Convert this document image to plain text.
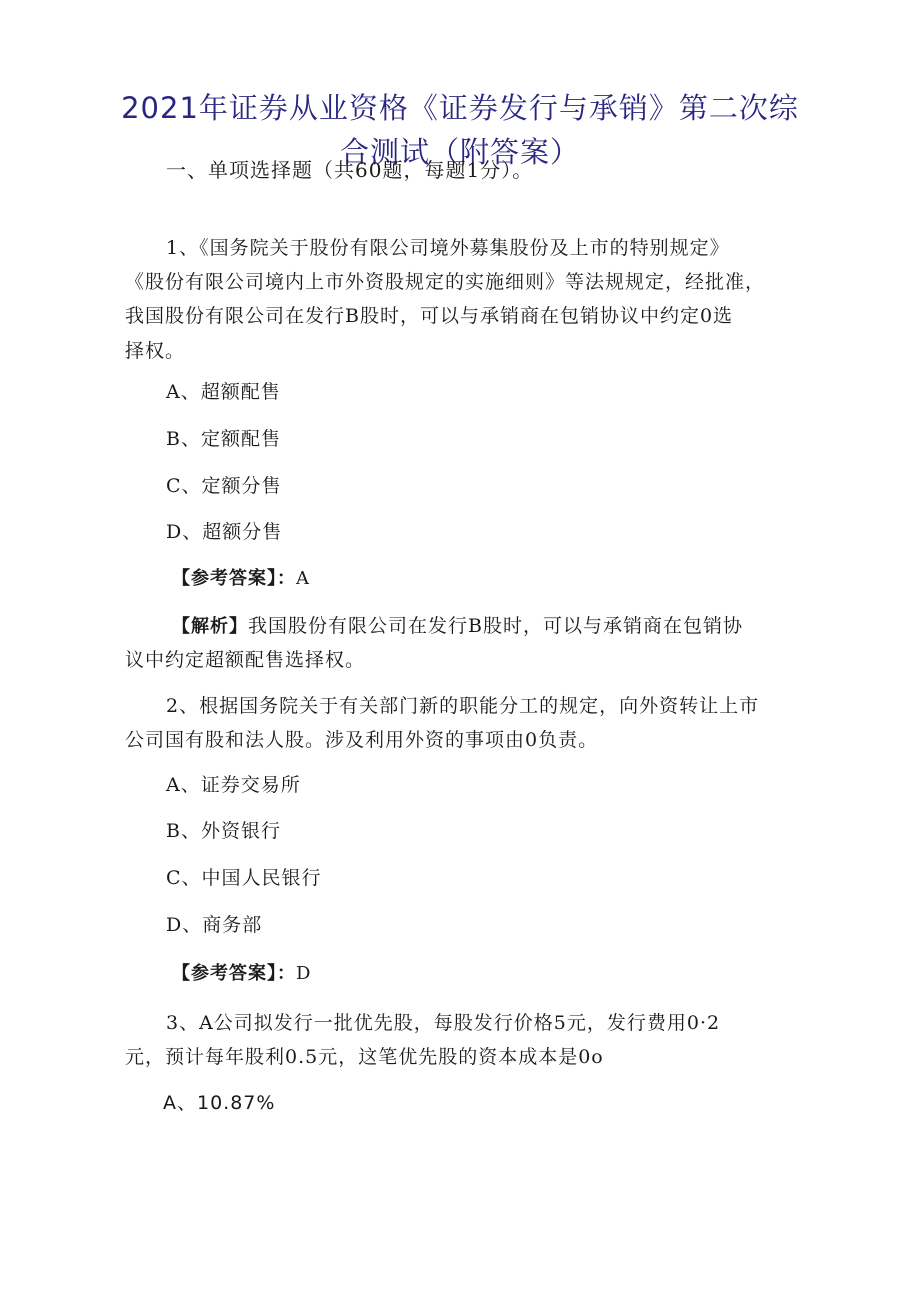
2021年证券从业资格《证券发行与承销》第二次综
合测试（附答案）
一、单项选择题（共60题，每题1分）。
1、《国务院关于股份有限公司境外募集股份及上市的特别规定》
《股份有限公司境内上市外资股规定的实施细则》等法规规定，经批准，
我国股份有限公司在发行B股时，可以与承销商在包销协议中约定0选
择权。
A、超额配售
B、定额配售
C、定额分售
D、超额分售
【参考答案】：A
【解析】我国股份有限公司在发行B股时，可以与承销商在包销协
议中约定超额配售选择权。
2、根据国务院关于有关部门新的职能分工的规定，向外资转让上市
公司国有股和法人股。涉及利用外资的事项由0负责。
A、证券交易所
B、外资银行
C、中国人民银行
D、商务部
【参考答案】：D
3、A公司拟发行一批优先股，每股发行价格5元，发行费用0·2
元，预计每年股利0.5元，这笔优先股的资本成本是0o
A、10.87%
